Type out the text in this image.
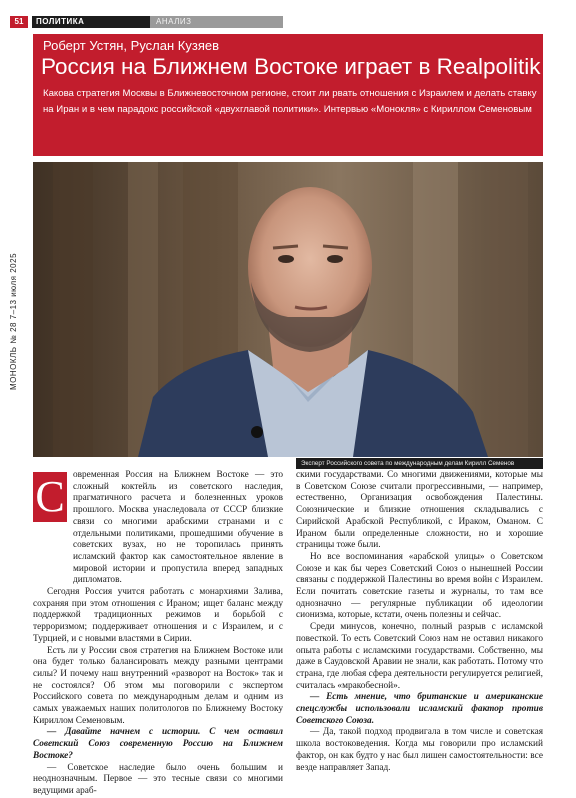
51	ПОЛИТИКА	АНАЛИЗ
МОНОКЛЬ № 28 7–13 июля 2025
Роберт Устян, Руслан Кузяев
Россия на Ближнем Востоке играет в Realpolitik
Какова стратегия Москвы в Ближневосточном регионе, стоит ли рвать отношения с Израилем и делать ставку на Иран и в чем парадокс российской «двухглавой политики». Интервью «Монокля» с Кириллом Семеновым
Эксперт Российского совета по международным делам Кирилл Семенов
С овременная Россия на Ближнем Востоке — это сложный коктейль из советского наследия, прагматичного расчета и болезненных уроков прошлого. Москва унаследовала от СССР близкие связи со многими арабскими странами и с отдельными политиками, прошедшими обучение в советских вузах, но не торопилась принять исламский фактор как самостоятельное явление в мировой истории и пропустила вперед западных дипломатов.

Сегодня Россия учится работать с монархиями Залива, сохраняя при этом отношения с Ираном; ищет баланс между поддержкой традиционных режимов и борьбой с терроризмом; поддерживает отношения и с Израилем, и с Турцией, и с новыми властями в Сирии.

Есть ли у России своя стратегия на Ближнем Востоке или она будет только балансировать между разными центрами силы? И почему наш внутренний «разворот на Восток» так и не состоялся? Об этом мы поговорили с экспертом Российского совета по международным делам и одним из самых уважаемых наших политологов по Ближнему Востоку Кириллом Семеновым.

— Давайте начнем с истории. С чем оставил Советский Союз современную Россию на Ближнем Востоке?

— Советское наследие было очень большим и неоднозначным. Первое — это тесные связи со многими ведущими араб-

скими государствами. Со многими движениями, которые мы в Советском Союзе считали прогрессивными, — например, естественно, Организация освобождения Палестины. Союзнические и близкие отношения складывались с Сирийской Арабской Республикой, с Ираком, Оманом. С Ираном были определенные сложности, но и хорошие страницы тоже были.

Но все воспоминания «арабской улицы» о Советском Союзе и как бы через Советский Союз о нынешней России связаны с поддержкой Палестины во время войн с Израилем. Если почитать советские газеты и журналы, то там все однозначно — регулярные публикации об идеологии сионизма, которые, кстати, очень полезны и сейчас.

Среди минусов, конечно, полный разрыв с исламской повесткой. То есть Советский Союз нам не оставил никакого опыта работы с исламскими государствами. Собственно, мы даже в Саудовской Аравии не знали, как работать. Потому что страна, где любая сфера деятельности регулируется религией, считалась «мракобесной».

— Есть мнение, что британские и американские спецслужбы использовали исламский фактор против Советского Союза.

— Да, такой подход продвигала в том числе и советская школа востоковедения. Когда мы говорили про исламский фактор, он как будто у нас был лишен самостоятельности: все везде направляет Запад.
